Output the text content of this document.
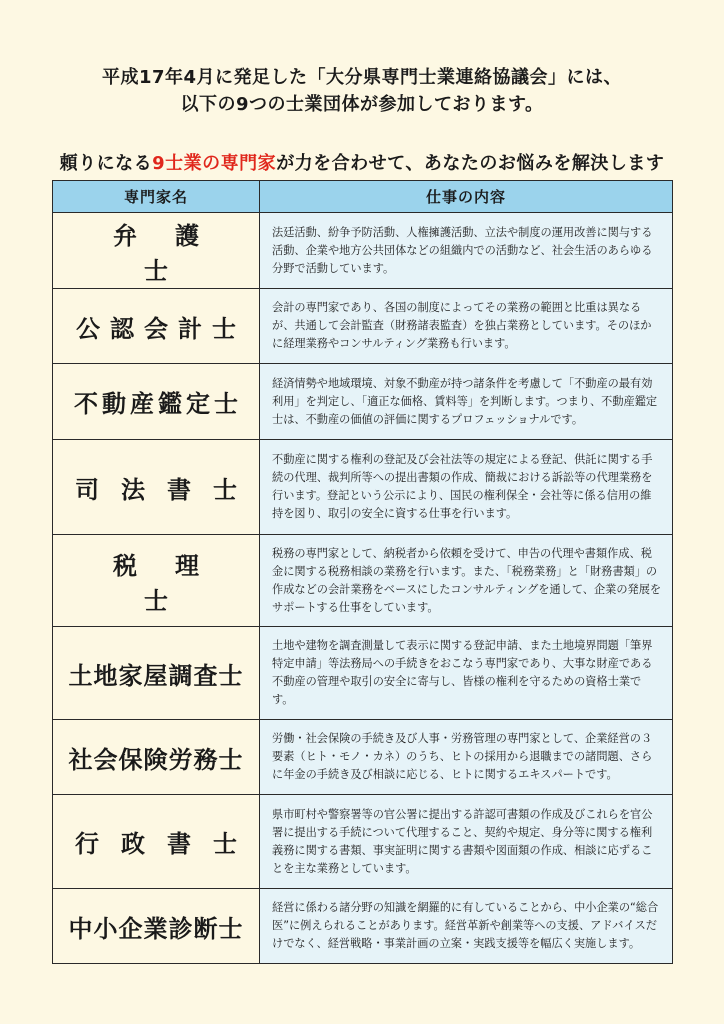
平成17年4月に発足した「大分県専門士業連絡協議会」には、
以下の9つの士業団体が参加しております。
頼りになる9士業の専門家が力を合わせて、あなたのお悩みを解決します
専門家名	仕事の内容
弁護士	法廷活動、紛争予防活動、人権擁護活動、立法や制度の運用改善に関与する活動、企業や地方公共団体などの組織内での活動など、社会生活のあらゆる分野で活動しています。
公認会計士	会計の専門家であり、各国の制度によってその業務の範囲と比重は異なるが、共通して会計監査（財務諸表監査）を独占業務としています。そのほかに経理業務やコンサルティング業務も行います。
不動産鑑定士	経済情勢や地域環境、対象不動産が持つ諸条件を考慮して「不動産の最有効利用」を判定し、「適正な価格、賃料等」を判断します。つまり、不動産鑑定士は、不動産の価値の評価に関するプロフェッショナルです。
司法書士	不動産に関する権利の登記及び会社法等の規定による登記、供託に関する手続の代理、裁判所等への提出書類の作成、簡裁における訴訟等の代理業務を行います。登記という公示により、国民の権利保全・会社等に係る信用の維持を図り、取引の安全に資する仕事を行います。
税理士	税務の専門家として、納税者から依頼を受けて、申告の代理や書類作成、税金に関する税務相談の業務を行います。また、「税務業務」と「財務書類」の作成などの会計業務をベースにしたコンサルティングを通して、企業の発展をサポートする仕事をしています。
土地家屋調査士	土地や建物を調査測量して表示に関する登記申請、また土地境界問題「筆界特定申請」等法務局への手続きをおこなう専門家であり、大事な財産である不動産の管理や取引の安全に寄与し、皆様の権利を守るための資格士業です。
社会保険労務士	労働・社会保険の手続き及び人事・労務管理の専門家として、企業経営の３要素（ヒト・モノ・カネ）のうち、ヒトの採用から退職までの諸問題、さらに年金の手続き及び相談に応じる、ヒトに関するエキスパートです。
行政書士	県市町村や警察署等の官公署に提出する許認可書類の作成及びこれらを官公署に提出する手続について代理すること、契約や規定、身分等に関する権利義務に関する書類、事実証明に関する書類や図面類の作成、相談に応ずることを主な業務としています。
中小企業診断士	経営に係わる諸分野の知識を網羅的に有していることから、中小企業の“総合医”に例えられることがあります。経営革新や創業等への支援、アドバイスだけでなく、経営戦略・事業計画の立案・実践支援等を幅広く実施します。
